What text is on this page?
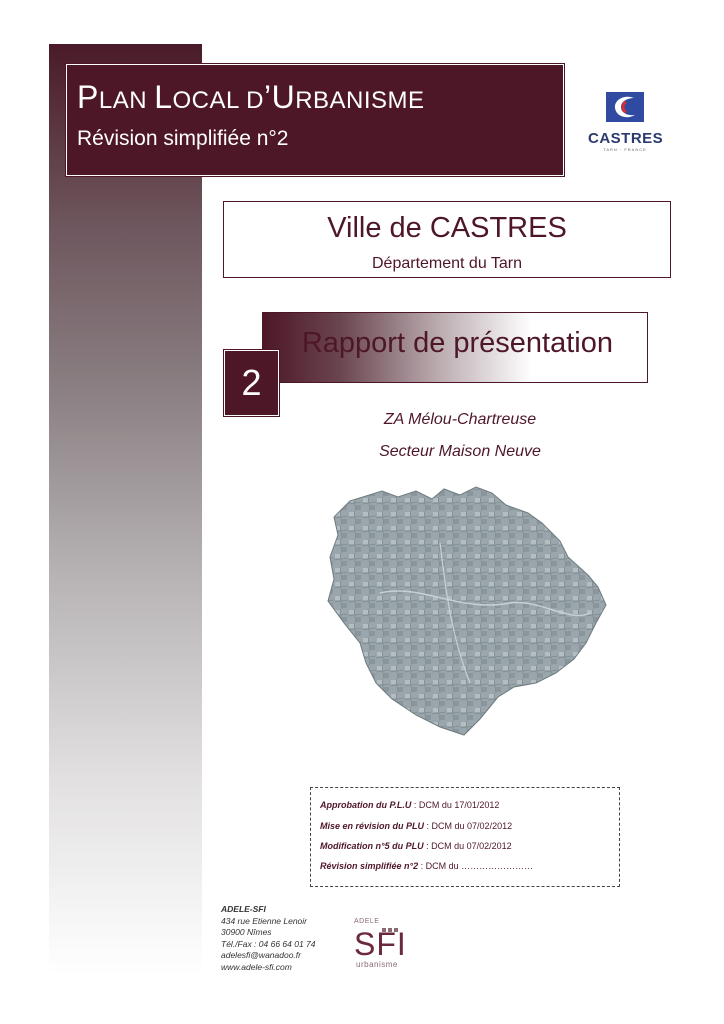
PLAN LOCAL D’URBANISME
Révision simplifiée n°2	CASTRES
TARN · FRANCE
Ville de CASTRES
Département du Tarn
Rapport de présentation
2
ZA Mélou-Chartreuse
Secteur Maison Neuve
Approbation du P.L.U : DCM du 17/01/2012
Mise en révision du PLU : DCM du 07/02/2012
Modification n°5 du PLU : DCM du 07/02/2012
Révision simplifiée n°2 : DCM du ……………………
ADELE-SFI
434 rue Etienne Lenoir
30900 Nîmes
Tél./Fax : 04 66 64 01 74
adelesfi@wanadoo.fr
www.adele-sfi.com
ADELE
SFI
urbanisme
